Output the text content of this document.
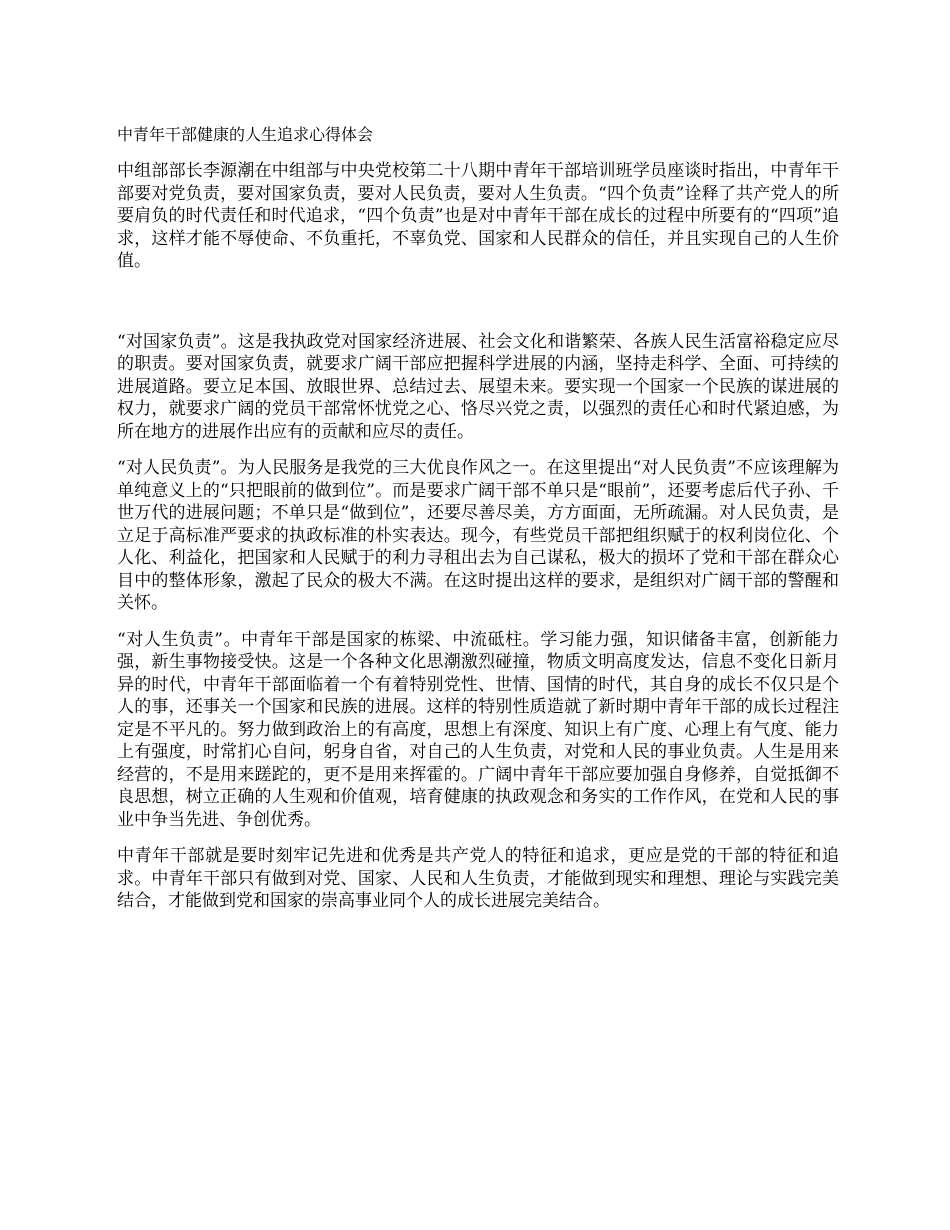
中青年干部健康的人生追求心得体会

中组部部长李源潮在中组部与中央党校第二十八期中青年干部培训班学员座谈时指出，中青年干部要对党负责，要对国家负责，要对人民负责，要对人生负责。“四个负责”诠释了共产党人的所要肩负的时代责任和时代追求，“四个负责”也是对中青年干部在成长的过程中所要有的“四项”追求，这样才能不辱使命、不负重托，不辜负党、国家和人民群众的信任，并且实现自己的人生价值。

“对国家负责”。这是我执政党对国家经济进展、社会文化和谐繁荣、各族人民生活富裕稳定应尽的职责。要对国家负责，就要求广阔干部应把握科学进展的内涵，坚持走科学、全面、可持续的进展道路。要立足本国、放眼世界、总结过去、展望未来。要实现一个国家一个民族的谋进展的权力，就要求广阔的党员干部常怀忧党之心、恪尽兴党之责，以强烈的责任心和时代紧迫感，为所在地方的进展作出应有的贡献和应尽的责任。

“对人民负责”。为人民服务是我党的三大优良作风之一。在这里提出“对人民负责”不应该理解为单纯意义上的“只把眼前的做到位”。而是要求广阔干部不单只是“眼前”，还要考虑后代子孙、千世万代的进展问题；不单只是“做到位”，还要尽善尽美，方方面面，无所疏漏。对人民负责，是立足于高标准严要求的执政标准的朴实表达。现今，有些党员干部把组织赋于的权利岗位化、个人化、利益化，把国家和人民赋于的利力寻租出去为自己谋私，极大的损坏了党和干部在群众心目中的整体形象，激起了民众的极大不满。在这时提出这样的要求，是组织对广阔干部的警醒和关怀。

“对人生负责”。中青年干部是国家的栋梁、中流砥柱。学习能力强，知识储备丰富，创新能力强，新生事物接受快。这是一个各种文化思潮激烈碰撞，物质文明高度发达，信息不变化日新月异的时代，中青年干部面临着一个有着特别党性、世情、国情的时代，其自身的成长不仅只是个人的事，还事关一个国家和民族的进展。这样的特别性质造就了新时期中青年干部的成长过程注定是不平凡的。努力做到政治上的有高度，思想上有深度、知识上有广度、心理上有气度、能力上有强度，时常扪心自问，躬身自省，对自己的人生负责，对党和人民的事业负责。人生是用来经营的，不是用来蹉跎的，更不是用来挥霍的。广阔中青年干部应要加强自身修养，自觉抵御不良思想，树立正确的人生观和价值观，培育健康的执政观念和务实的工作作风，在党和人民的事业中争当先进、争创优秀。

中青年干部就是要时刻牢记先进和优秀是共产党人的特征和追求，更应是党的干部的特征和追求。中青年干部只有做到对党、国家、人民和人生负责，才能做到现实和理想、理论与实践完美结合，才能做到党和国家的崇高事业同个人的成长进展完美结合。
